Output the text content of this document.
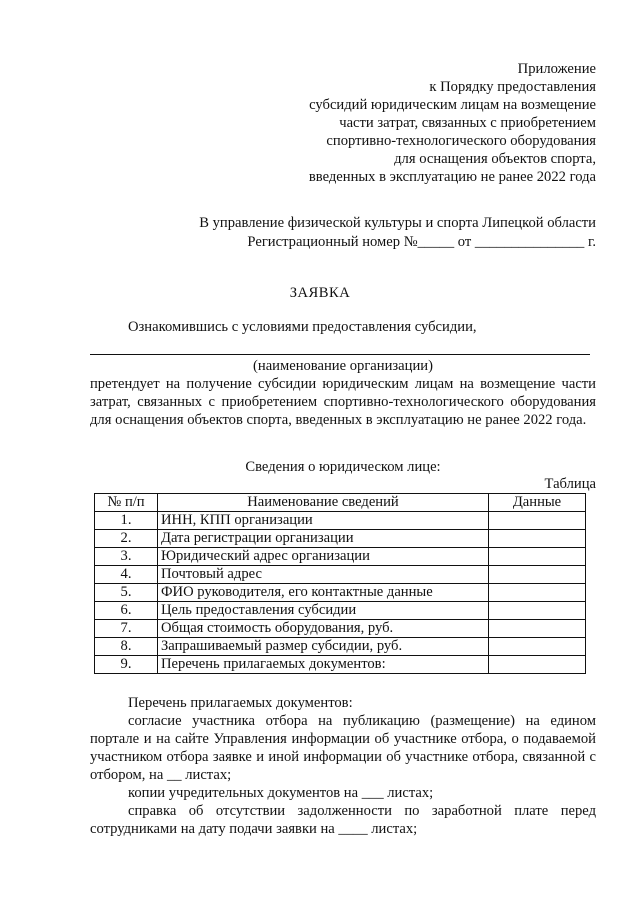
Приложение
к Порядку предоставления
субсидий юридическим лицам на возмещение
части затрат, связанных с приобретением
спортивно-технологического оборудования
для оснащения объектов спорта,
введенных в эксплуатацию не ранее 2022 года
В управление физической культуры и спорта Липецкой области
Регистрационный номер №_____ от _______________ г.
ЗАЯВКА

Ознакомившись с условиями предоставления субсидии,

(наименование организации)

претендует на получение субсидии юридическим лицам на возмещение части затрат, связанных с приобретением спортивно-технологического оборудования для оснащения объектов спорта, введенных в эксплуатацию не ранее 2022 года.

Сведения о юридическом лице:
Таблица
№ п/п	Наименование сведений	Данные
1.	ИНН, КПП организации	
2.	Дата регистрации организации	
3.	Юридический адрес организации	
4.	Почтовый адрес	
5.	ФИО руководителя, его контактные данные	
6.	Цель предоставления субсидии	
7.	Общая стоимость оборудования, руб.	
8.	Запрашиваемый размер субсидии, руб.	
9.	Перечень прилагаемых документов:	

Перечень прилагаемых документов:

согласие участника отбора на публикацию (размещение) на едином портале и на сайте Управления информации об участнике отбора, о подаваемой участником отбора заявке и иной информации об участнике отбора, связанной с отбором, на __ листах;

копии учредительных документов на ___ листах;

справка об отсутствии задолженности по заработной плате перед сотрудниками на дату подачи заявки на ____ листах;
